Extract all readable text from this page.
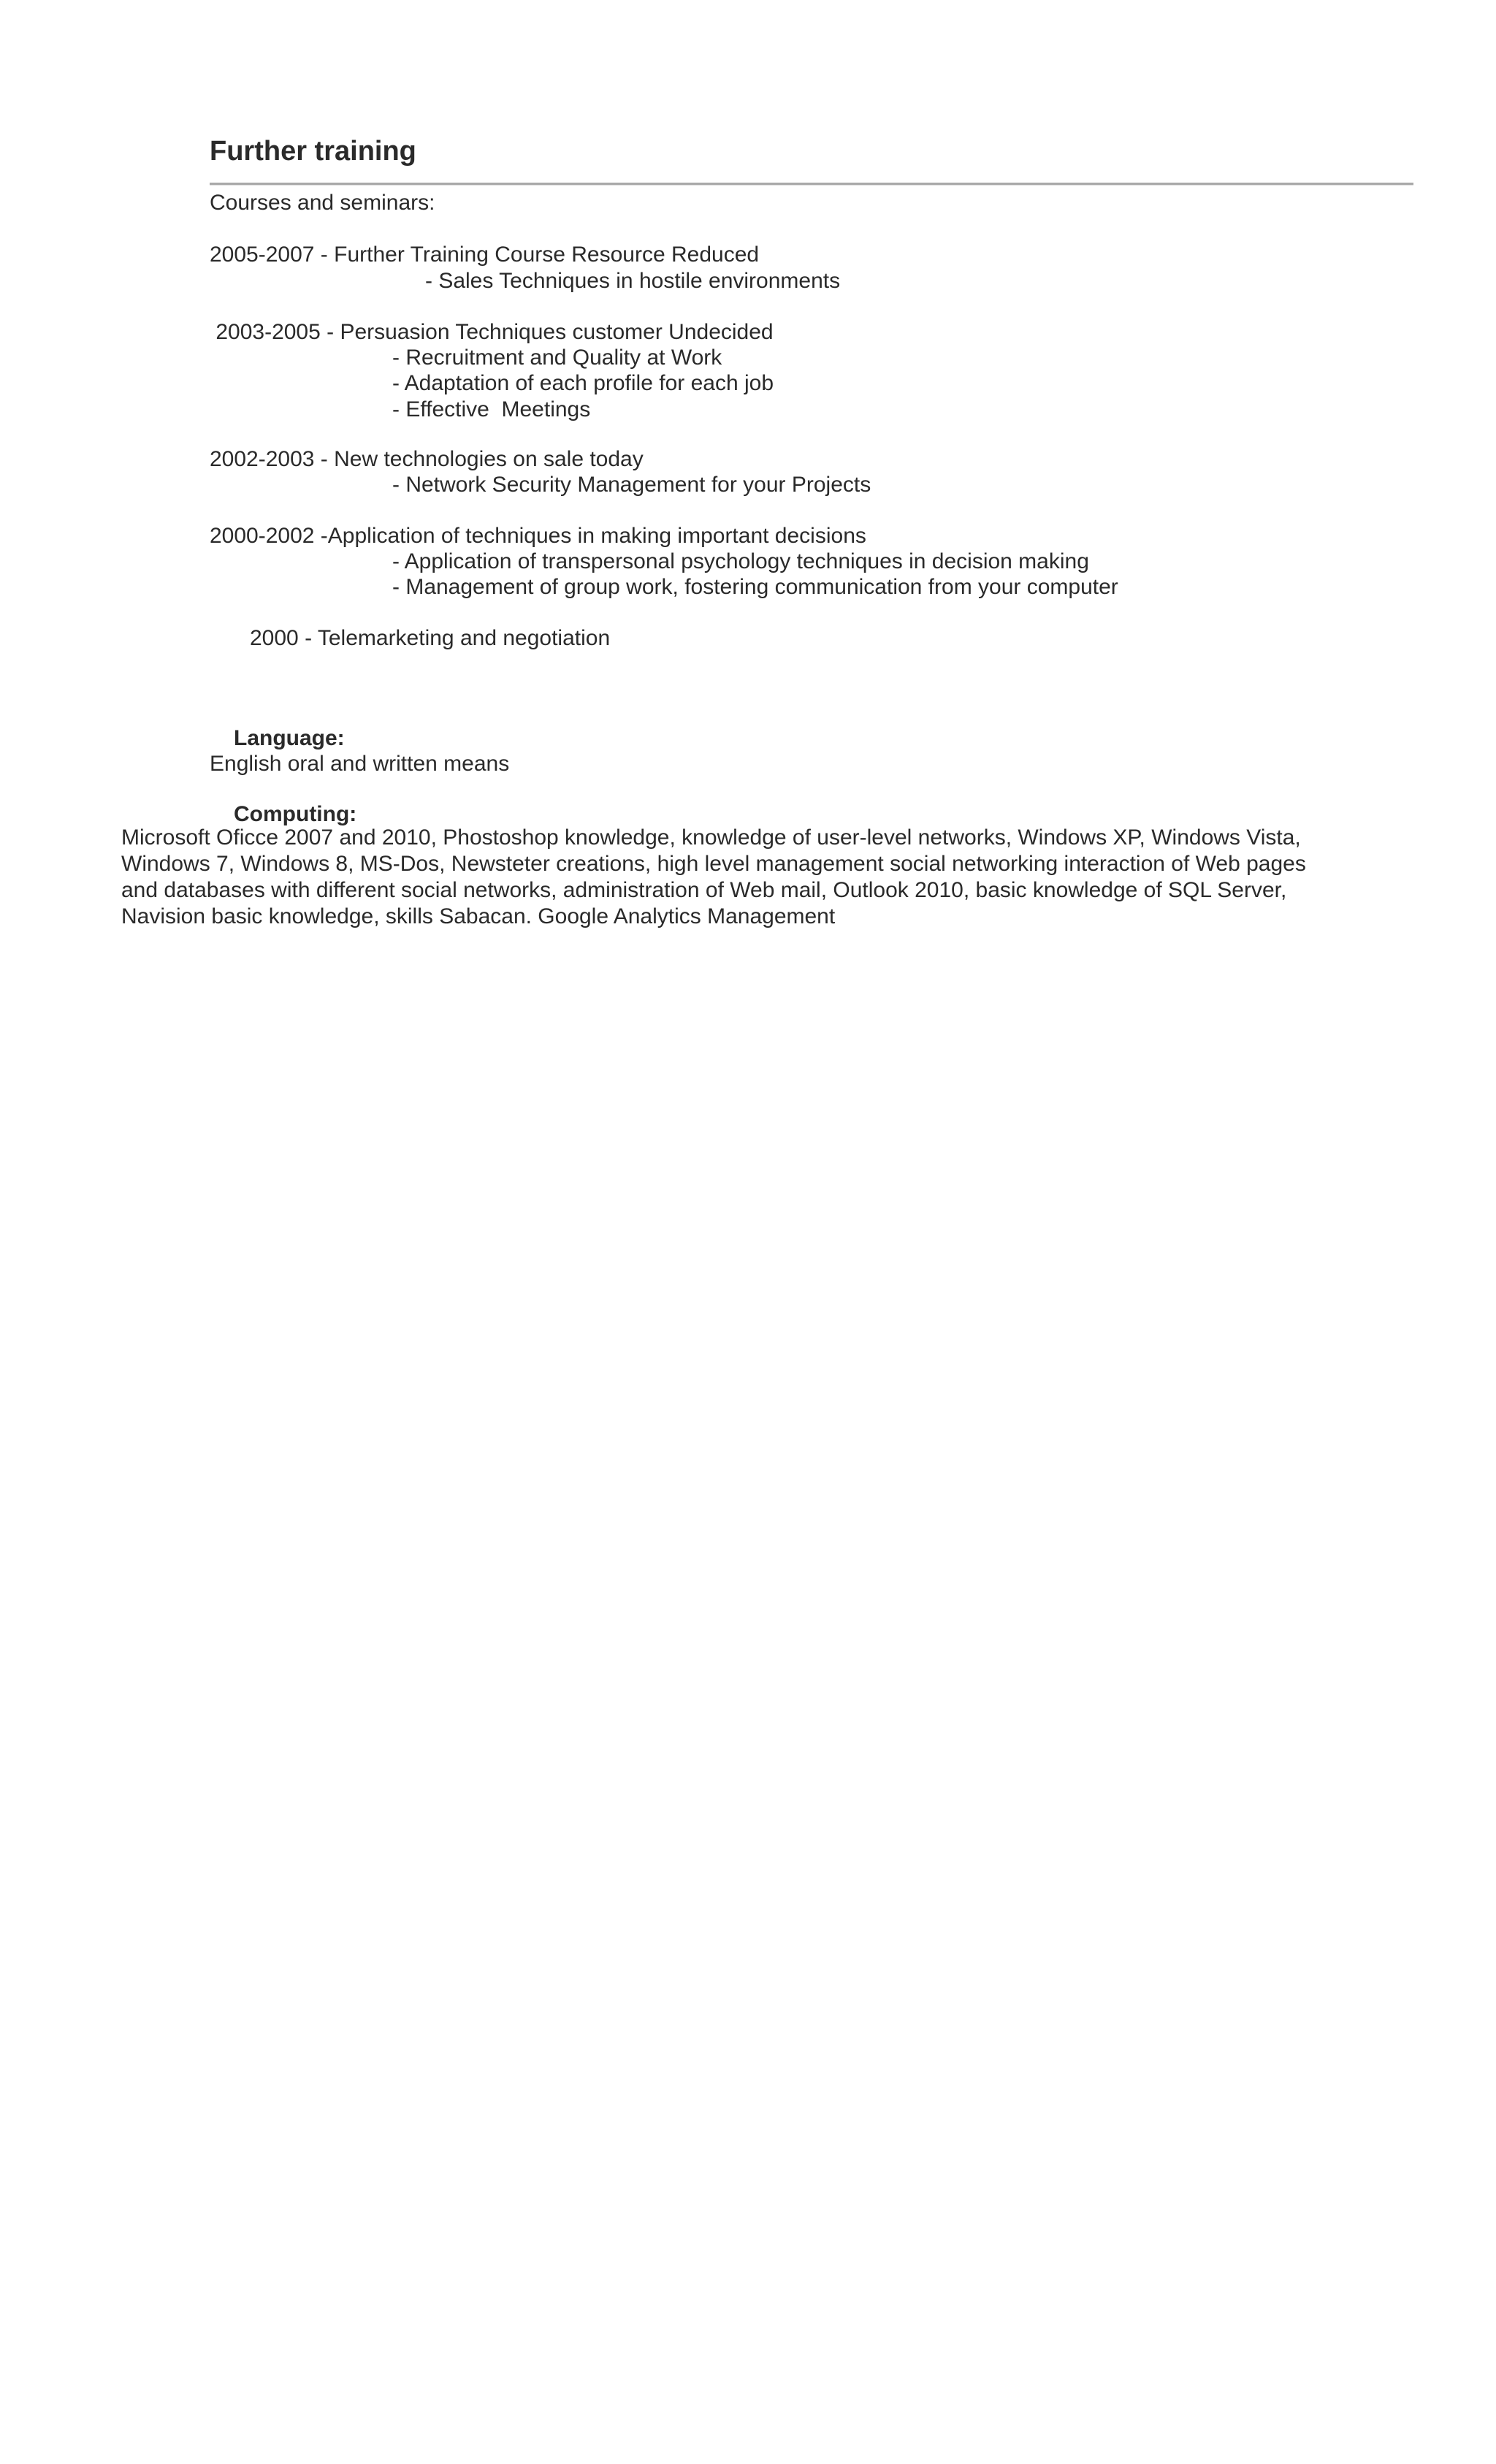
Further training
Courses and seminars:
2005-2007 - Further Training Course Resource Reduced
- Sales Techniques in hostile environments
2003-2005 - Persuasion Techniques customer Undecided
- Recruitment and Quality at Work
- Adaptation of each profile for each job
- Effective  Meetings
2002-2003 - New technologies on sale today
- Network Security Management for your Projects
2000-2002 -Application of techniques in making important decisions
- Application of transpersonal psychology techniques in decision making
- Management of group work, fostering communication from your computer
2000 - Telemarketing and negotiation
Language:
English oral and written means
Computing:
Microsoft Oficce 2007 and 2010, Phostoshop knowledge, knowledge of user-level networks, Windows XP, Windows Vista,
Windows 7, Windows 8, MS-Dos, Newsteter creations, high level management social networking interaction of Web pages
and databases with different social networks, administration of Web mail, Outlook 2010, basic knowledge of SQL Server,
Navision basic knowledge, skills Sabacan. Google Analytics Management
